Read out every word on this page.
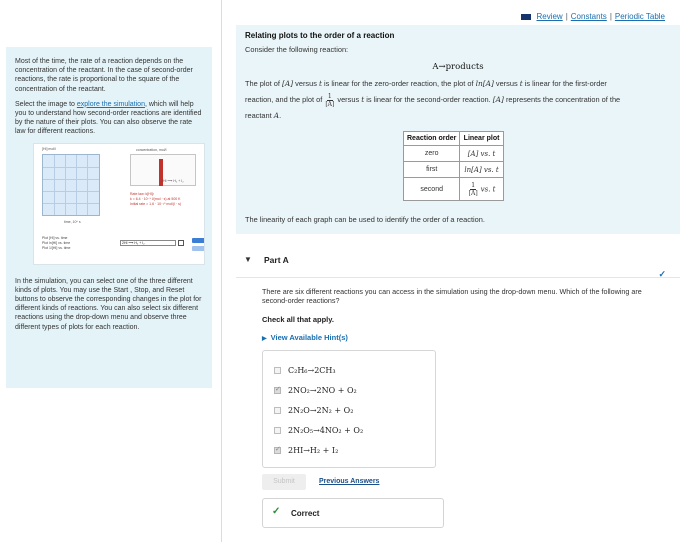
Most of the time, the rate of a reaction depends on the concentration of the reactant. In the case of second-order reactions, the rate is proportional to the square of the concentration of the reactant.

Select the image to explore the simulation, which will help you to understand how second-order reactions are identified by the nature of their plots. You can also observe the rate law for different reactions.

[HI] mol/l
time, 10⁶ s
concentration, mol/l
2HI ⟶ H₂ + I₂
Rate law: k[HI]²
k = 6.4 · 10⁻⁹ l/(mol · s) at 500 K
Initial rate = 1.6 · 10⁻¹⁰ mol/(l · s)
Plot [HI] vs. time
Plot ln[HI] vs. time
Plot 1/[HI] vs. time
2HI ⟶ H₂ + I₂

In the simulation, you can select one of the three different kinds of plots. You may use the Start , Stop, and Reset buttons to observe the corresponding changes in the plot for different kinds of reactions. You can also select six different reactions using the drop-down menu and observe three different types of plots for each reaction.

Review | Constants | Periodic Table
Relating plots to the order of a reaction
Consider the following reaction:
A→products

The plot of [A] versus t is linear for the zero-order reaction, the plot of ln[A] versus t is linear for the first-order
reaction, and the plot of $\frac{1}{[A]}$ versus t is linear for the second-order reaction. [A] represents the concentration of the
reactant A.

Reaction order	Linear plot
zero	[A] vs. t
first	ln[A] vs. t
second	$\frac{1}{[A]}$ vs. t
The linearity of each graph can be used to identify the order of a reaction.
▼ Part A
✓
There are six different reactions you can access in the simulation using the drop-down menu. Which of the following are second-order reactions?
Check all that apply.
▶ View Available Hint(s)
C₂H₆→2CH₃
✓
2NO₂→2NO + O₂
2N₂O→2N₂ + O₂
2N₂O₅→4NO₂ + O₂
✓
2HI→H₂ + I₂
Submit	Previous Answers
✓ Correct
